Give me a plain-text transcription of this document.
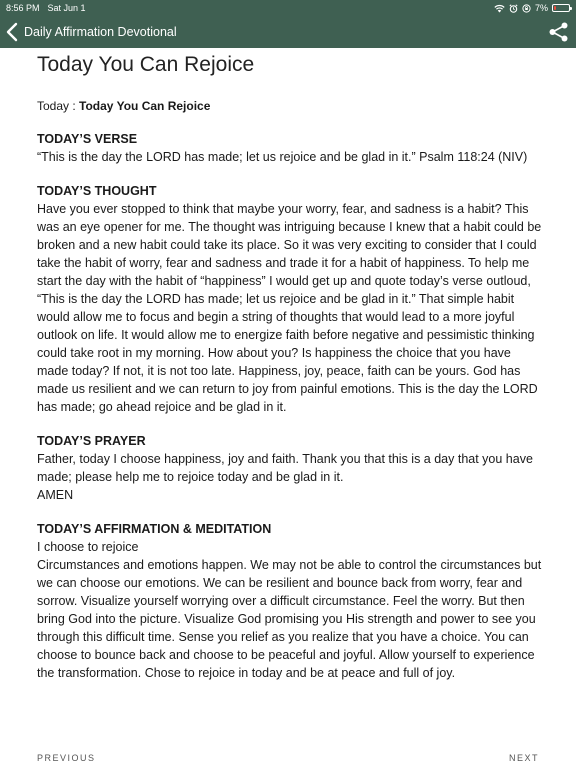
8:56 PM Sat Jun 1	7%
Daily Affirmation Devotional
Today You Can Rejoice
Today : Today You Can Rejoice

TODAY’S VERSE

“This is the day the LORD has made; let us rejoice and be glad in it.” Psalm 118:24 (NIV)

TODAY’S THOUGHT

Have you ever stopped to think that maybe your worry, fear, and sadness is a habit? This was an eye opener for me. The thought was intriguing because I knew that a habit could be broken and a new habit could take its place. So it was very exciting to consider that I could take the habit of worry, fear and sadness and trade it for a habit of happiness. To help me start the day with the habit of “happiness” I would get up and quote today’s verse outloud, “This is the day the LORD has made; let us rejoice and be glad in it.” That simple habit would allow me to focus and begin a string of thoughts that would lead to a more joyful outlook on life. It would allow me to energize faith before negative and pessimistic thinking could take root in my morning. How about you? Is happiness the choice that you have made today? If not, it is not too late. Happiness, joy, peace, faith can be yours. God has made us resilient and we can return to joy from painful emotions. This is the day the LORD has made; go ahead rejoice and be glad in it.

TODAY’S PRAYER

Father, today I choose happiness, joy and faith. Thank you that this is a day that you have made; please help me to rejoice today and be glad in it.

AMEN

TODAY’S AFFIRMATION & MEDITATION

I choose to rejoice

Circumstances and emotions happen. We may not be able to control the circumstances but we can choose our emotions. We can be resilient and bounce back from worry, fear and sorrow. Visualize yourself worrying over a difficult circumstance. Feel the worry. But then bring God into the picture. Visualize God promising you His strength and power to see you through this difficult time. Sense you relief as you realize that you have a choice. You can choose to bounce back and choose to be peaceful and joyful. Allow yourself to experience the transformation. Chose to rejoice in today and be at peace and full of joy.

PREVIOUS	NEXT
